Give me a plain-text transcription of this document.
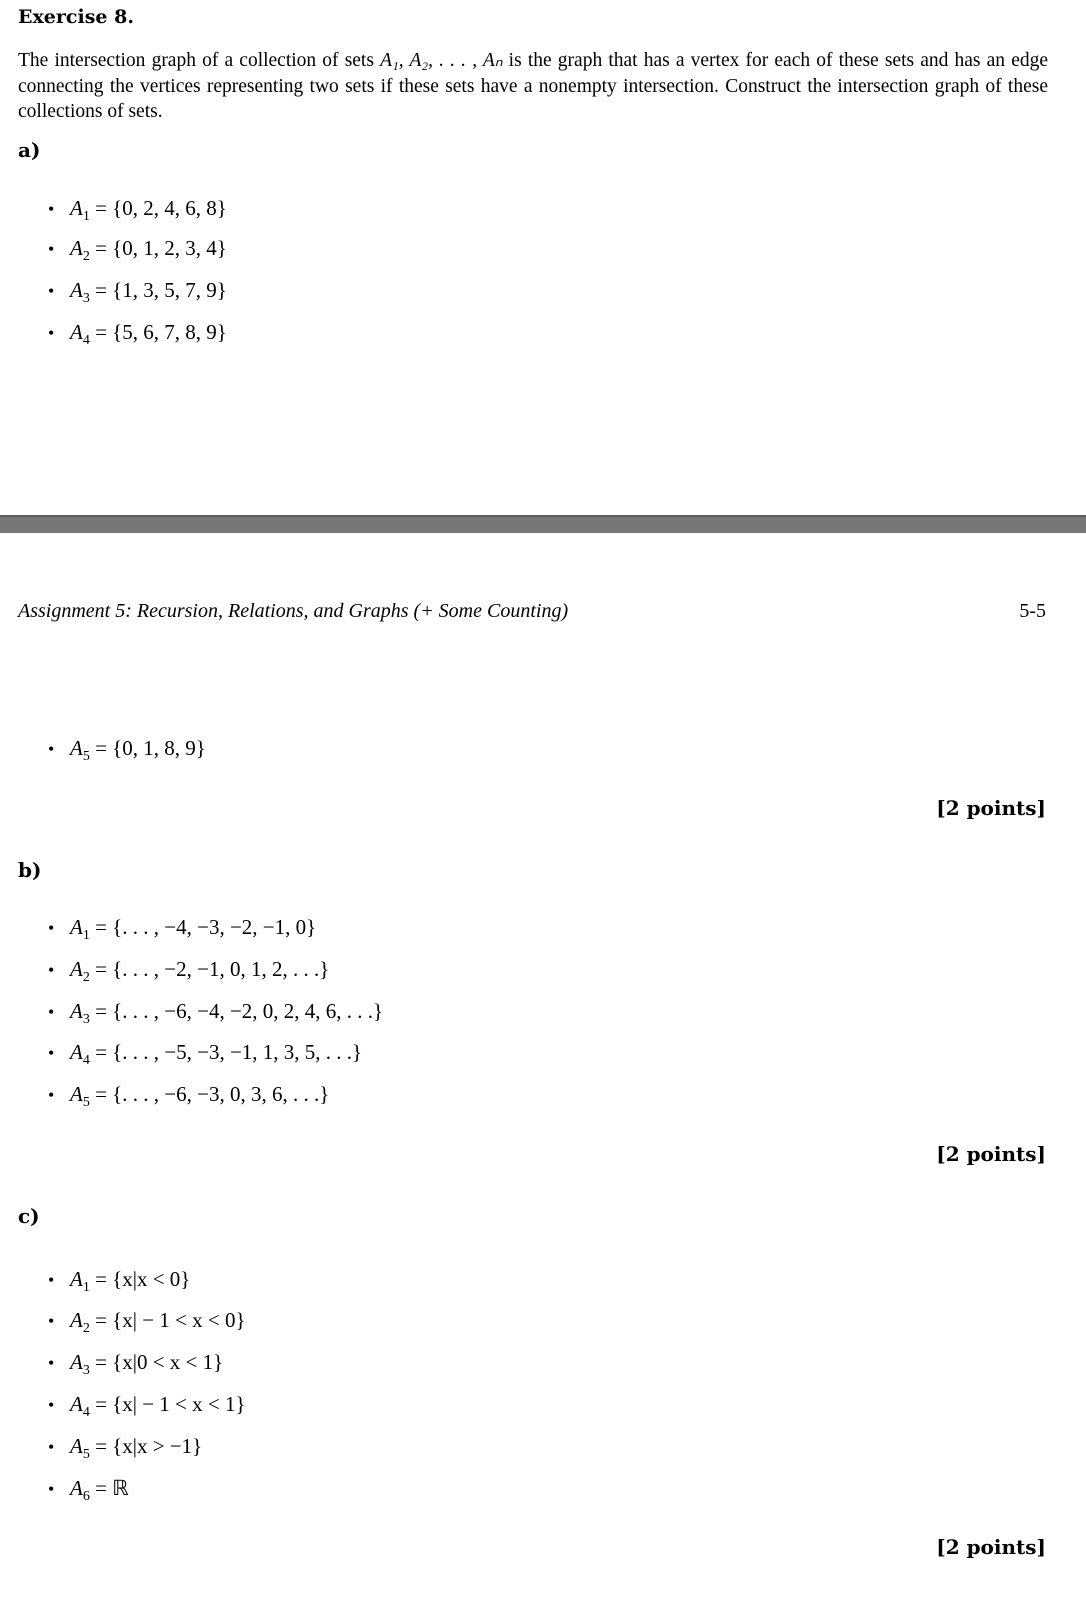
Exercise 8.

The intersection graph of a collection of sets A₁, A₂, . . . , Aₙ is the graph that has a vertex for each of these sets and has an edge connecting the vertices representing two sets if these sets have a nonempty intersection. Construct the intersection graph of these collections of sets.

a)
• $A_1 = \{0$, 2, 4, 6, 8}
• $A_2 = \{0$, 1, 2, 3, 4}
• $A_3 = \{1$, 3, 5, 7, 9}
• $A_4 = \{5$, 6, 7, 8, 9}
Assignment 5: Recursion, Relations, and Graphs (+ Some Counting)	5-5
• $A_5 = \{0$, 1, 8, 9}
[2 points]
b)
• $A_1$ = {. . . , −4, −3, −2, −1, 0}
• $A_2$ = {. . . , −2, −1, 0, 1, 2, . . .}
• $A_3$ = {. . . , −6, −4, −2, 0, 2, 4, 6, . . .}
• $A_4$ = {. . . , −5, −3, −1, 1, 3, 5, . . .}
• $A_5$ = {. . . , −6, −3, 0, 3, 6, . . .}
[2 points]
c)
• $A_1 = \{x|x < 0\}$
• $A_2 = \{x| - 1 < x < 0\}$
• $A_3 = \{x|0 < x < 1\}$
• $A_4 = \{x| - 1 < x < 1\}$
• $A_5 = \{x|x > -1\}$
• $A_6$ = ℝ
[2 points]
